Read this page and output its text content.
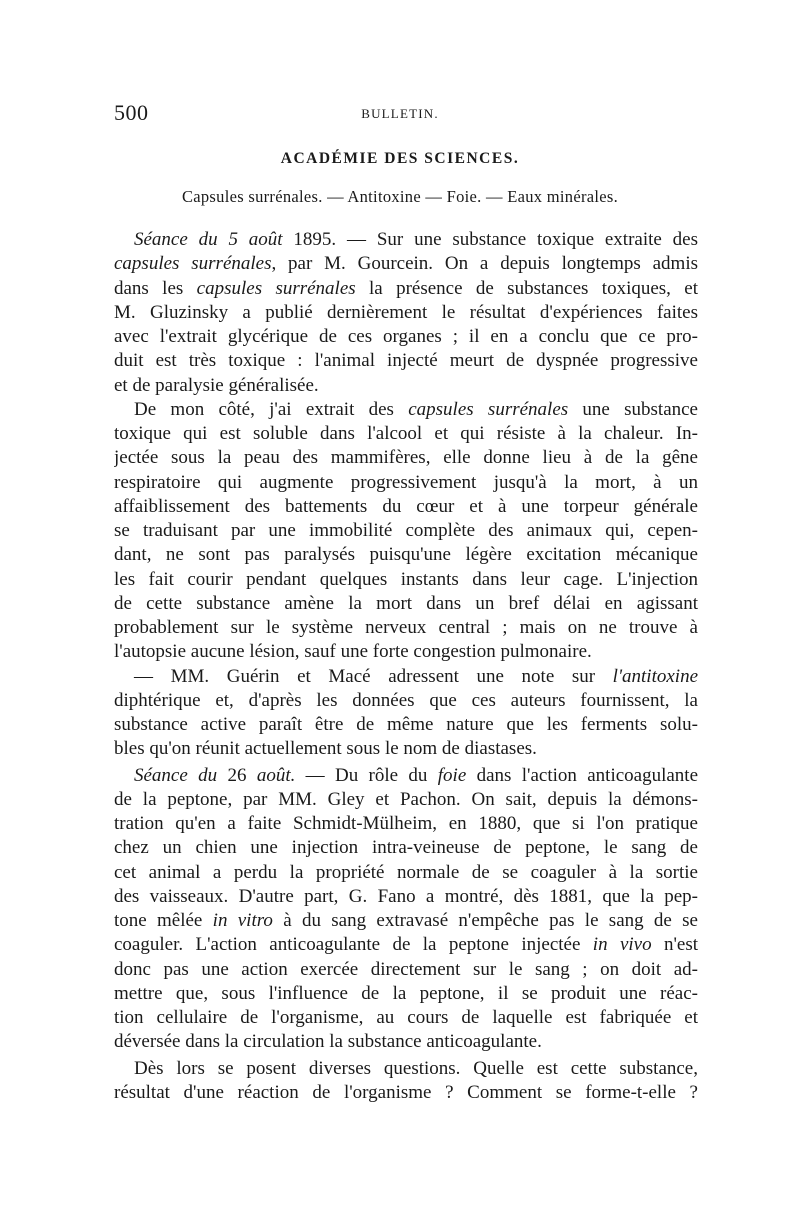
500	BULLETIN.
ACADÉMIE DES SCIENCES.
Capsules surrénales. — Antitoxine — Foie. — Eaux minérales.
Séance du 5 août 1895. — Sur une substance toxique extraite des
capsules surrénales, par M. Gourcein. On a depuis longtemps admis
dans les capsules surrénales la présence de substances toxiques, et
M. Gluzinsky a publié dernièrement le résultat d'expériences faites
avec l'extrait glycérique de ces organes ; il en a conclu que ce pro-
duit est très toxique : l'animal injecté meurt de dyspnée progressive
et de paralysie généralisée.
De mon côté, j'ai extrait des capsules surrénales une substance
toxique qui est soluble dans l'alcool et qui résiste à la chaleur. In-
jectée sous la peau des mammifères, elle donne lieu à de la gêne
respiratoire qui augmente progressivement jusqu'à la mort, à un
affaiblissement des battements du cœur et à une torpeur générale
se traduisant par une immobilité complète des animaux qui, cepen-
dant, ne sont pas paralysés puisqu'une légère excitation mécanique
les fait courir pendant quelques instants dans leur cage. L'injection
de cette substance amène la mort dans un bref délai en agissant
probablement sur le système nerveux central ; mais on ne trouve à
l'autopsie aucune lésion, sauf une forte congestion pulmonaire.
— MM. Guérin et Macé adressent une note sur l'antitoxine
diphtérique et, d'après les données que ces auteurs fournissent, la
substance active paraît être de même nature que les ferments solu-
bles qu'on réunit actuellement sous le nom de diastases.
Séance du 26 août. — Du rôle du foie dans l'action anticoagulante
de la peptone, par MM. Gley et Pachon. On sait, depuis la démons-
tration qu'en a faite Schmidt-Mülheim, en 1880, que si l'on pratique
chez un chien une injection intra-veineuse de peptone, le sang de
cet animal a perdu la propriété normale de se coaguler à la sortie
des vaisseaux. D'autre part, G. Fano a montré, dès 1881, que la pep-
tone mêlée in vitro à du sang extravasé n'empêche pas le sang de se
coaguler. L'action anticoagulante de la peptone injectée in vivo n'est
donc pas une action exercée directement sur le sang ; on doit ad-
mettre que, sous l'influence de la peptone, il se produit une réac-
tion cellulaire de l'organisme, au cours de laquelle est fabriquée et
déversée dans la circulation la substance anticoagulante.
Dès lors se posent diverses questions. Quelle est cette substance,
résultat d'une réaction de l'organisme ? Comment se forme-t-elle ?
